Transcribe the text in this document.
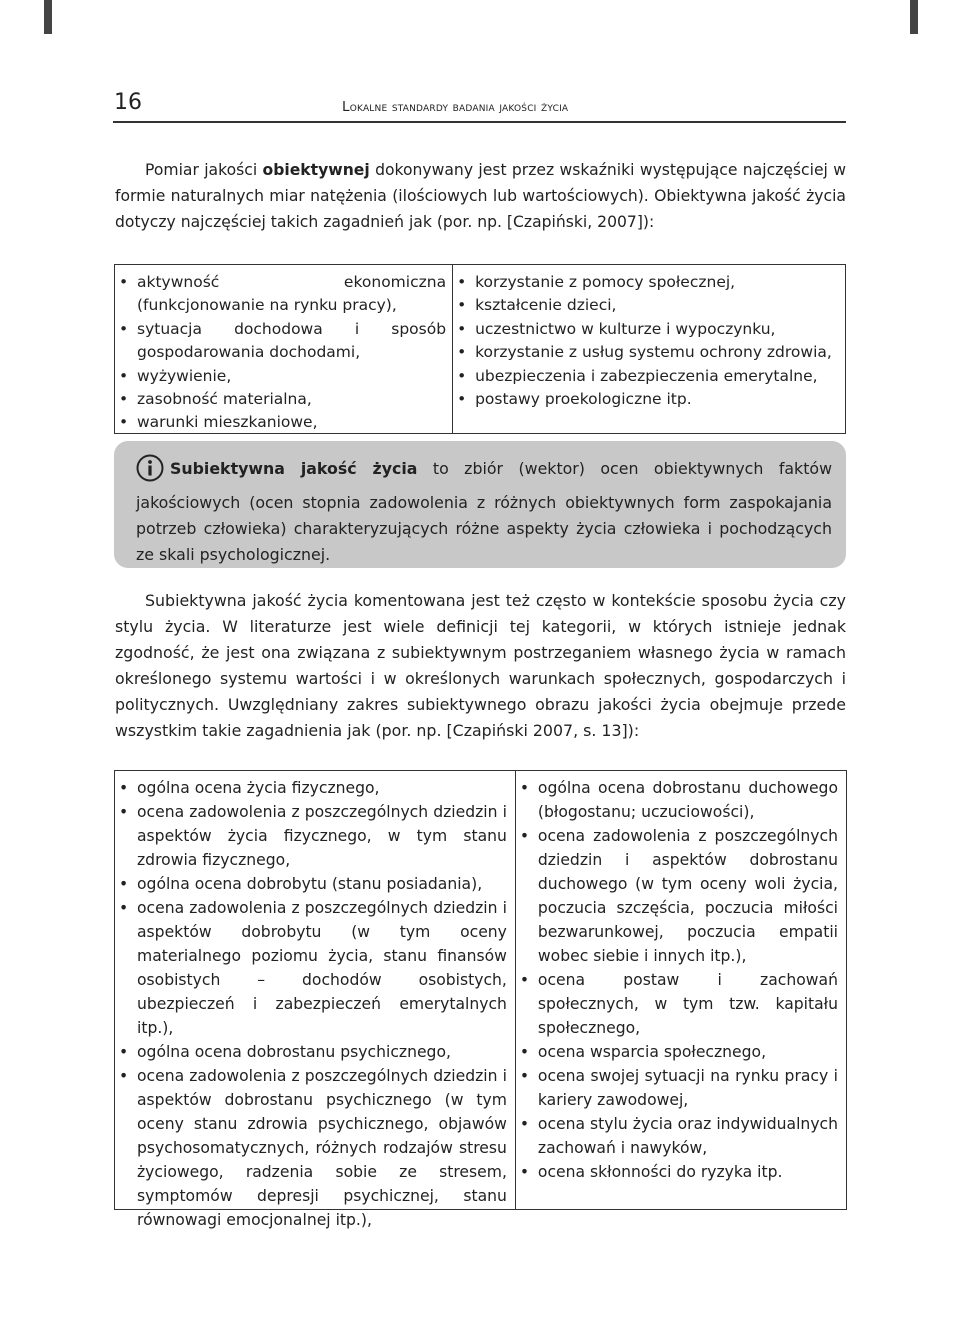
16	Lokalne standardy badania jakości życia

Pomiar jakości obiektywnej dokonywany jest przez wskaźniki występujące najczęściej w formie naturalnych miar natężenia (ilościowych lub wartościowych). Obiektywna jakość życia dotyczy najczęściej takich zagadnień jak (por. np. [Czapiński, 2007]):

• aktywność ekonomiczna (funkcjonowanie na rynku pracy),
• sytuacja dochodowa i sposób gospodarowania dochodami,
• wyżywienie,
• zasobność materialna,
• warunki mieszkaniowe,
• korzystanie z pomocy społecznej,
• kształcenie dzieci,
• uczestnictwo w kulturze i wypoczynku,
• korzystanie z usług systemu ochrony zdrowia,
• ubezpieczenia i zabezpieczenia emerytalne,
• postawy proekologiczne itp.
Subiektywna jakość życia to zbiór (wektor) ocen obiektywnych faktów jakościowych (ocen stopnia zadowolenia z różnych obiektywnych form zaspokajania potrzeb człowieka) charakteryzujących różne aspekty życia człowieka i pochodzących ze skali psychologicznej.

Subiektywna jakość życia komentowana jest też często w kontekście sposobu życia czy stylu życia. W literaturze jest wiele definicji tej kategorii, w których istnieje jednak zgodność, że jest ona związana z subiektywnym postrzeganiem własnego życia w ramach określonego systemu wartości i w określonych warunkach społecznych, gospodarczych i politycznych. Uwzględniany zakres subiektywnego obrazu jakości życia obejmuje przede wszystkim takie zagadnienia jak (por. np. [Czapiński 2007, s. 13]):

• ogólna ocena życia fizycznego,
• ocena zadowolenia z poszczególnych dziedzin i aspektów życia fizycznego, w tym stanu zdrowia fizycznego,
• ogólna ocena dobrobytu (stanu posiadania),
• ocena zadowolenia z poszczególnych dziedzin i aspektów dobrobytu (w tym oceny materialnego poziomu życia, stanu finansów osobistych – dochodów osobistych, ubezpieczeń i zabezpieczeń emerytalnych itp.),
• ogólna ocena dobrostanu psychicznego,
• ocena zadowolenia z poszczególnych dziedzin i aspektów dobrostanu psychicznego (w tym oceny stanu zdrowia psychicznego, objawów psychosomatycznych, różnych rodzajów stresu życiowego, radzenia sobie ze stresem, symptomów depresji psychicznej, stanu równowagi emocjonalnej itp.),
• ogólna ocena dobrostanu duchowego (błogostanu; uczuciowości),
• ocena zadowolenia z poszczególnych dziedzin i aspektów dobrostanu duchowego (w tym oceny woli życia, poczucia szczęścia, poczucia miłości bezwarunkowej, poczucia empatii wobec siebie i innych itp.),
• ocena postaw i zachowań społecznych, w tym tzw. kapitału społecznego,
• ocena wsparcia społecznego,
• ocena swojej sytuacji na rynku pracy i kariery zawodowej,
• ocena stylu życia oraz indywidualnych zachowań i nawyków,
• ocena skłonności do ryzyka itp.
